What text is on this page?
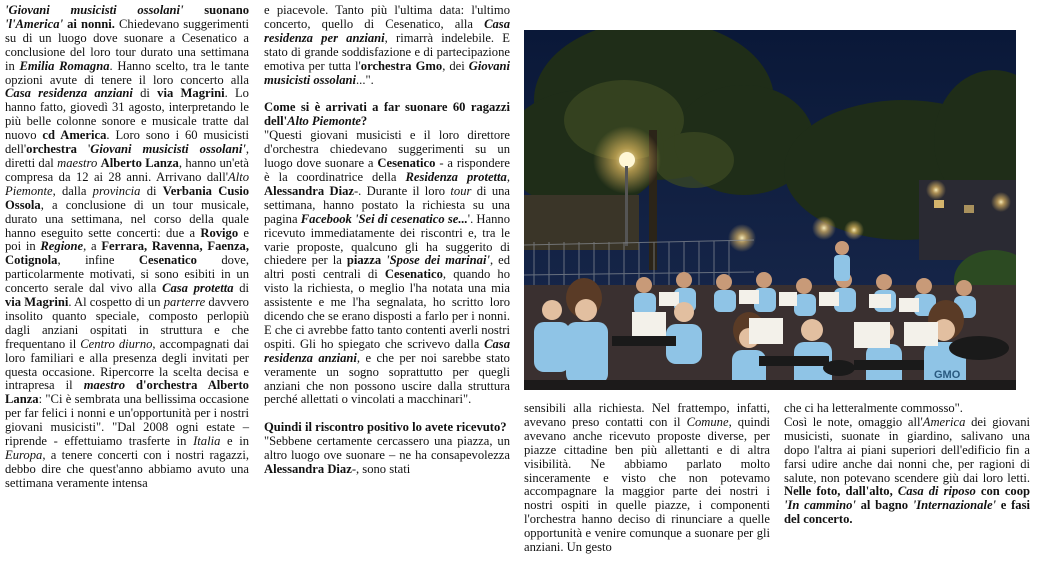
'Giovani musicisti ossolani' suonano 'l'America' ai nonni. Chiedevano suggerimenti su di un luogo dove suonare a Cesenatico a conclusione del loro tour durato una settimana in Emilia Romagna. Hanno scelto, tra le tante opzioni avute di tenere il loro concerto alla Casa residenza anziani di via Magrini. Lo hanno fatto, giovedì 31 agosto, interpretando le più belle colonne sonore e musicale tratte dal nuovo cd America. Loro sono i 60 musicisti dell'orchestra 'Giovani musicisti ossolani', diretti dal maestro Alberto Lanza, hanno un'età compresa da 12 ai 28 anni. Arrivano dall'Alto Piemonte, dalla provincia di Verbania Cusio Ossola, a conclusione di un tour musicale, durato una settimana, nel corso della quale hanno eseguito sette concerti: due a Rovigo e poi in Regione, a Ferrara, Ravenna, Faenza, Cotignola, infine Cesenatico dove, particolarmente motivati, si sono esibiti in un concerto serale dal vivo alla Casa protetta di via Magrini. Al cospetto di un parterre davvero insolito quanto speciale, composto perlopiù dagli anziani ospitati in struttura e che frequentano il Centro diurno, accompagnati dai loro familiari e alla presenza degli invitati per questa occasione. Ripercorre la scelta decisa e intrapresa il maestro d'orchestra Alberto Lanza: "Ci è sembrata una bellissima occasione per far felici i nonni e un'opportunità per i nostri giovani musicisti". "Dal 2008 ogni estate – riprende - effettuiamo trasferte in Italia e in Europa, a tenere concerti con i nostri ragazzi, debbo dire che quest'anno abbiamo avuto una settimana veramente intensa

e piacevole. Tanto più l'ultima data: l'ultimo concerto, quello di Cesenatico, alla Casa residenza per anziani, rimarrà indelebile. E stato di grande soddisfazione e di partecipazione emotiva per tutta l'orchestra Gmo, dei Giovani musicisti ossolani...".

Come si è arrivati a far suonare 60 ragazzi dell'Alto Piemonte?

"Questi giovani musicisti e il loro direttore d'orchestra chiedevano suggerimenti su un luogo dove suonare a Cesenatico - a rispondere è la coordinatrice della Residenza protetta, Alessandra Diaz-. Durante il loro tour di una settimana, hanno postato la richiesta su una pagina Facebook 'Sei di cesenatico se...'. Hanno ricevuto immediatamente dei riscontri e, tra le varie proposte, qualcuno gli ha suggerito di chiedere per la piazza 'Spose dei marinai', ed altri posti centrali di Cesenatico, quando ho visto la richiesta, o meglio l'ha notata una mia assistente e me l'ha segnalata, ho scritto loro dicendo che se erano disposti a farlo per i nonni. E che ci avrebbe fatto tanto contenti averli nostri ospiti. Gli ho spiegato che scrivevo dalla Casa residenza anziani, e che per noi sarebbe stato veramente un sogno soprattutto per quegli anziani che non possono uscire dalla struttura perché allettati o vincolati a macchinari".

Quindi il riscontro positivo lo avete ricevuto?

"Sebbene certamente cercassero una piazza, un altro luogo ove suonare – ne ha consapevolezza Alessandra Diaz-, sono stati

GMO

sensibili alla richiesta. Nel frattempo, infatti, avevano preso contatti con il Comune, quindi avevano anche ricevuto proposte diverse, per piazze cittadine ben più allettanti e di altra visibilità. Ne abbiamo parlato molto sinceramente e visto che non potevamo accompagnare la maggior parte dei nostri i nostri ospiti in quelle piazze, i componenti l'orchestra hanno deciso di rinunciare a quelle opportunità e venire comunque a suonare per gli anziani. Un gesto

che ci ha letteralmente commosso".

Così le note, omaggio all'America dei giovani musicisti, suonate in giardino, salivano una dopo l'altra ai piani superiori dell'edificio fin a farsi udire anche dai nonni che, per ragioni di salute, non potevano scendere giù dai loro letti. Nelle foto, dall'alto, Casa di riposo con coop 'In cammino' al bagno 'Internazionale' e fasi del concerto.
